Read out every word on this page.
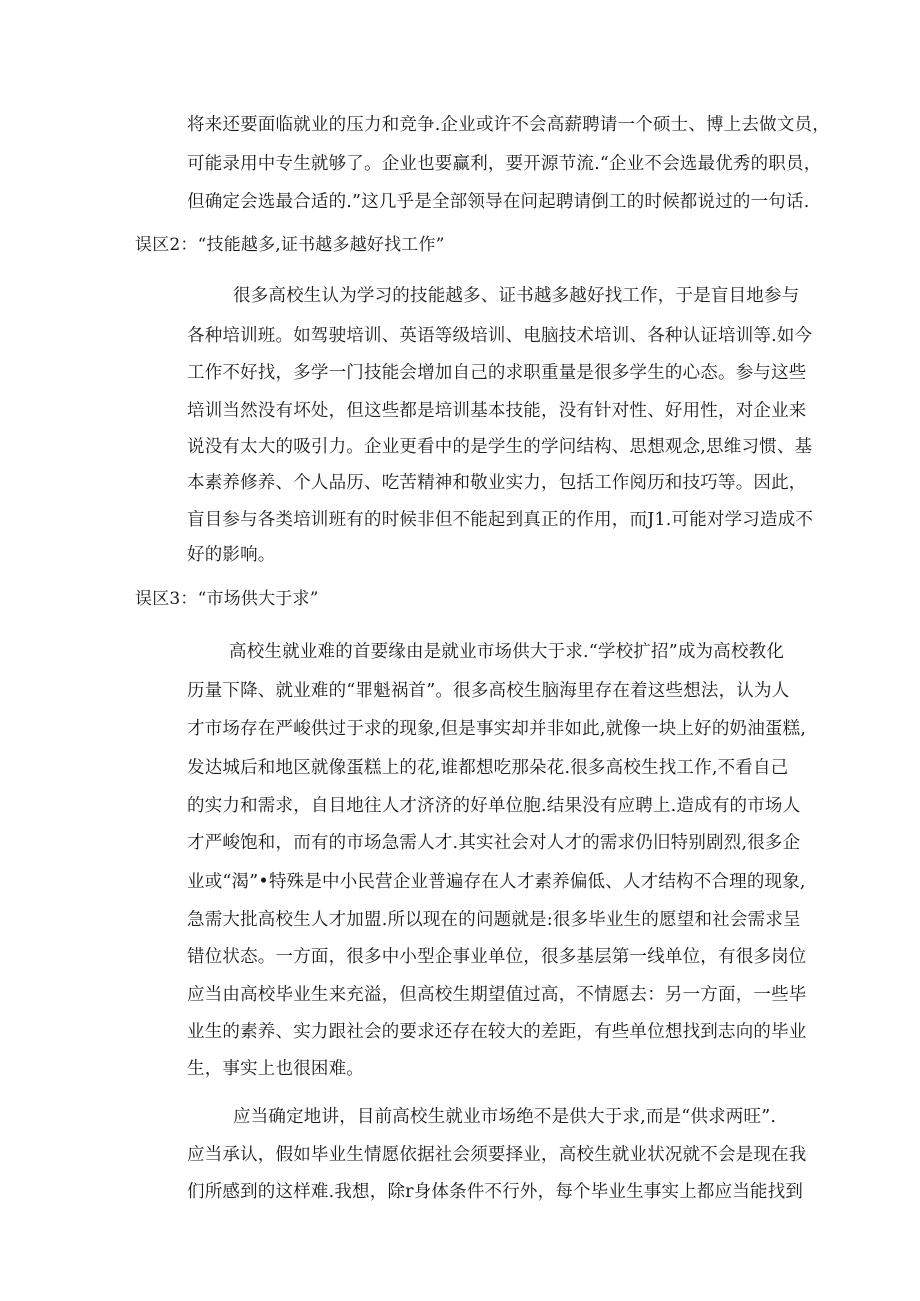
将来还要面临就业的压力和竞争.企业或许不会高薪聘请一个硕士、博上去做文员，
可能录用中专生就够了。企业也要赢利，要开源节流.“企业不会选最优秀的职员，
但确定会选最合适的.”这几乎是全部领导在问起聘请倒工的时候都说过的一句话.
误区2：“技能越多,证书越多越好找工作”
很多高校生认为学习的技能越多、证书越多越好找工作，于是盲目地参与
各种培训班。如驾驶培训、英语等级培训、电脑技术培训、各种认证培训等.如今
工作不好找，多学一门技能会增加自己的求职重量是很多学生的心态。参与这些
培训当然没有坏处，但这些都是培训基本技能，没有针对性、好用性，对企业来
说没有太大的吸引力。企业更看中的是学生的学问结构、思想观念,思维习惯、基
本素养修养、个人品历、吃苦精神和敬业实力，包括工作阅历和技巧等。因此，
盲目参与各类培训班有的时候非但不能起到真正的作用，而J1.可能对学习造成不
好的影响。
误区3：“市场供大于求”
高校生就业难的首要缘由是就业市场供大于求.“学校扩招”成为高校教化
历量下降、就业难的“罪魁祸首”。很多高校生脑海里存在着这些想法，认为人
才市场存在严峻供过于求的现象,但是事实却并非如此,就像一块上好的奶油蛋糕,
发达城后和地区就像蛋糕上的花,谁都想吃那朵花.很多高校生找工作,不看自己
的实力和需求，自目地往人才济济的好单位胞.结果没有应聘上.造成有的市场人
才严峻饱和，而有的市场急需人才.其实社会对人才的需求仍旧特别剧烈,很多企
业或“渴”•特殊是中小民营企业普遍存在人才素养偏低、人才结构不合理的现象,
急需大批高校生人才加盟.所以现在的问题就是:很多毕业生的愿望和社会需求呈
错位状态。一方面，很多中小型企事业单位，很多基层第一线单位，有很多岗位
应当由高校毕业生来充溢，但高校生期望值过高，不情愿去：另一方面，一些毕
业生的素养、实力跟社会的要求还存在较大的差距，有些单位想找到志向的毕业
生，事实上也很困难。
应当确定地讲，目前高校生就业市场绝不是供大于求,而是“供求两旺”.
应当承认，假如毕业生情愿依据社会须要择业，高校生就业状况就不会是现在我
们所感到的这样难.我想，除r身体条件不行外，每个毕业生事实上都应当能找到
